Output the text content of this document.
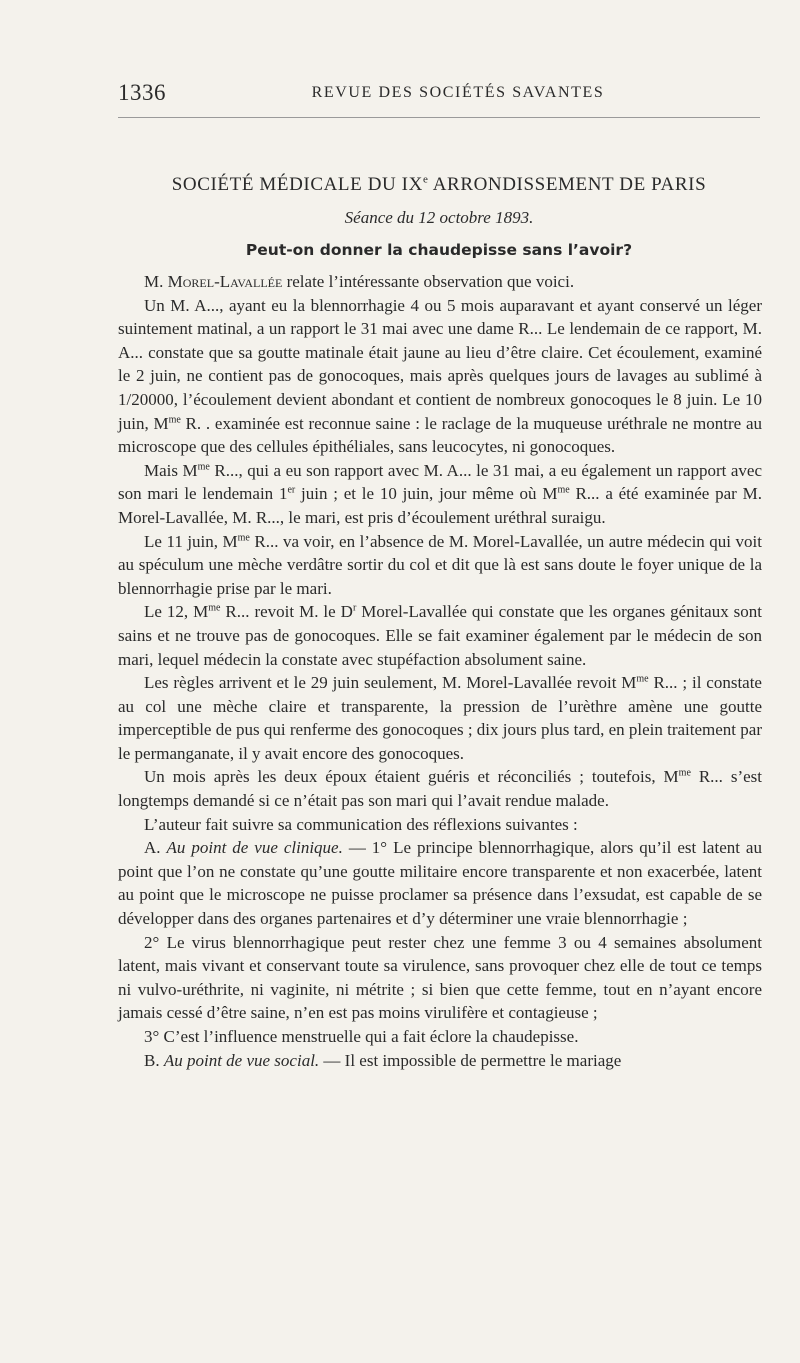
1336	REVUE DES SOCIÉTÉS SAVANTES
SOCIÉTÉ MÉDICALE DU IXe ARRONDISSEMENT DE PARIS
Séance du 12 octobre 1893.
Peut-on donner la chaudepisse sans l’avoir?

M. Morel-Lavallée relate l’intéressante observation que voici.

Un M. A..., ayant eu la blennorrhagie 4 ou 5 mois auparavant et ayant conservé un léger suintement matinal, a un rapport le 31 mai avec une dame R... Le lendemain de ce rapport, M. A... constate que sa goutte matinale était jaune au lieu d’être claire. Cet écoulement, examiné le 2 juin, ne contient pas de gonocoques, mais après quelques jours de lavages au sublimé à 1/20000, l’écoulement devient abondant et contient de nombreux gonocoques le 8 juin. Le 10 juin, $M^{me}$ R. . examinée est reconnue saine : le raclage de la muqueuse uréthrale ne montre au microscope que des cellules épithéliales, sans leucocytes, ni gonocoques.

Mais $M^{me}$ R..., qui a eu son rapport avec M. A... le 31 mai, a eu également un rapport avec son mari le lendemain 1er juin ; et le 10 juin, jour même où $M^{me}$ R... a été examinée par M. Morel-Lavallée, M. R..., le mari, est pris d’écoulement uréthral suraigu.

Le 11 juin, $M^{me}$ R... va voir, en l’absence de M. Morel-Lavallée, un autre médecin qui voit au spéculum une mèche verdâtre sortir du col et dit que là est sans doute le foyer unique de la blennorrhagie prise par le mari.

Le 12, $M^{me}$ R... revoit M. le $D^r$ Morel-Lavallée qui constate que les organes génitaux sont sains et ne trouve pas de gonocoques. Elle se fait examiner également par le médecin de son mari, lequel médecin la constate avec stupéfaction absolument saine.

Les règles arrivent et le 29 juin seulement, M. Morel-Lavallée revoit $M^{me}$ R... ; il constate au col une mèche claire et transparente, la pression de l’urèthre amène une goutte imperceptible de pus qui renferme des gonocoques ; dix jours plus tard, en plein traitement par le permanganate, il y avait encore des gonocoques.

Un mois après les deux époux étaient guéris et réconciliés ; toutefois, $M^{me}$ R... s’est longtemps demandé si ce n’était pas son mari qui l’avait rendue malade.

L’auteur fait suivre sa communication des réflexions suivantes :

A. Au point de vue clinique. — 1° Le principe blennorrhagique, alors qu’il est latent au point que l’on ne constate qu’une goutte militaire encore transparente et non exacerbée, latent au point que le microscope ne puisse proclamer sa présence dans l’exsudat, est capable de se développer dans des organes partenaires et d’y déterminer une vraie blennorrhagie ;

2° Le virus blennorrhagique peut rester chez une femme 3 ou 4 semaines absolument latent, mais vivant et conservant toute sa virulence, sans provoquer chez elle de tout ce temps ni vulvo-uréthrite, ni vaginite, ni métrite ; si bien que cette femme, tout en n’ayant encore jamais cessé d’être saine, n’en est pas moins virulifère et contagieuse ;

3° C’est l’influence menstruelle qui a fait éclore la chaudepisse.

B. Au point de vue social. — Il est impossible de permettre le mariage
